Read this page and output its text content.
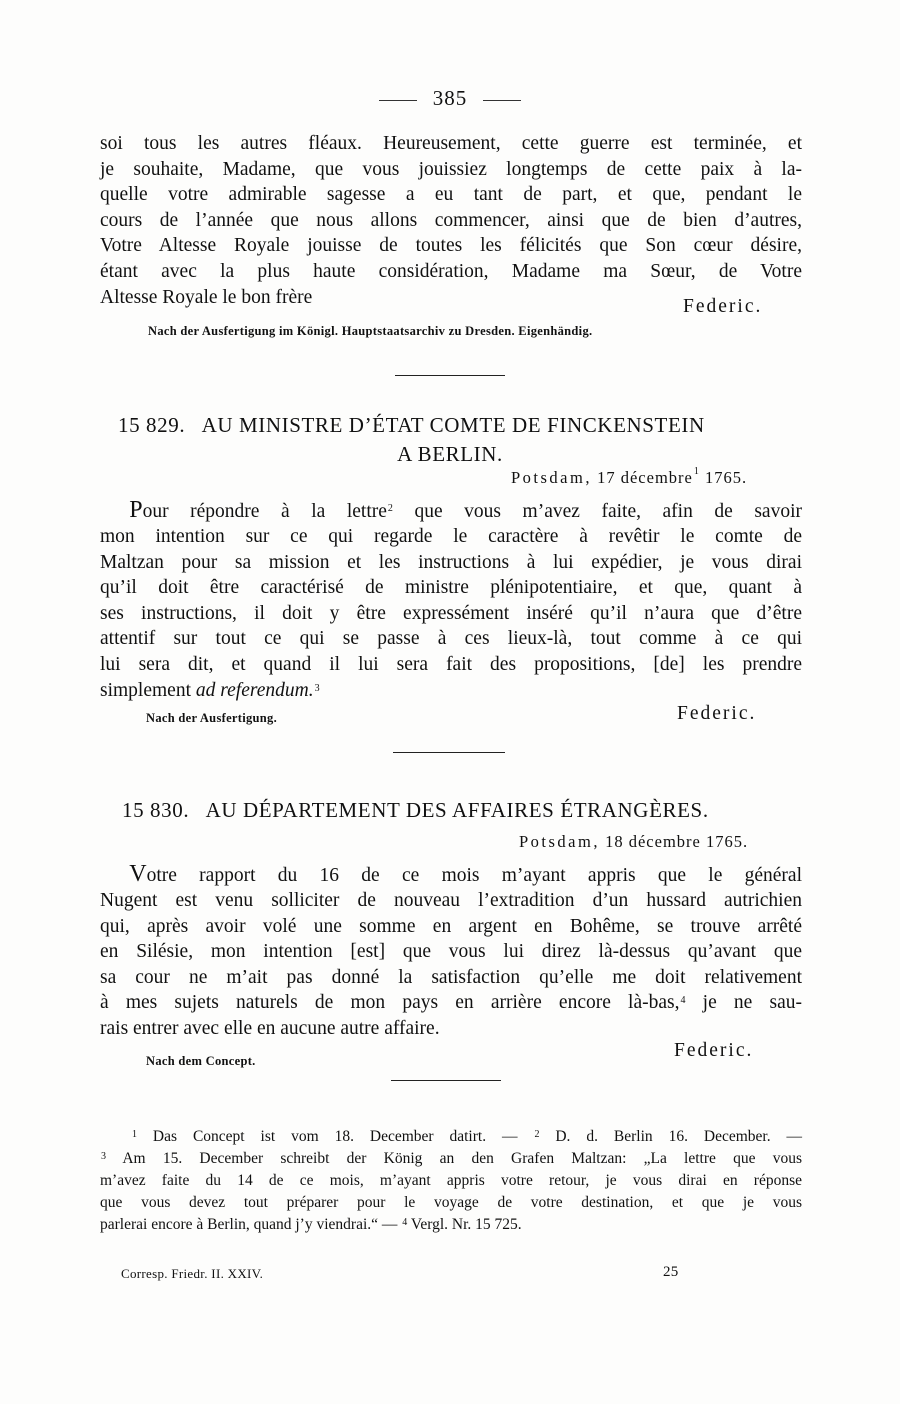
385
soi tous les autres fléaux. Heureusement, cette guerre est terminée, et
je souhaite, Madame, que vous jouissiez longtemps de cette paix à la-
quelle votre admirable sagesse a eu tant de part, et que, pendant le
cours de l’année que nous allons commencer, ainsi que de bien d’autres,
Votre Altesse Royale jouisse de toutes les félicités que Son cœur désire,
étant avec la plus haute considération, Madame ma Sœur, de Votre
Altesse Royale le bon frère	Federic.
Nach der Ausfertigung im Königl. Hauptstaatsarchiv zu Dresden. Eigenhändig.
15 829. AU MINISTRE D’ÉTAT COMTE DE FINCKENSTEIN
A BERLIN.
Potsdam, 17 décembre$^1$ 1765.
  Pour répondre à la lettre$^2$ que vous m’avez faite, afin de savoir
mon intention sur ce qui regarde le caractère à revêtir le comte de
Maltzan pour sa mission et les instructions à lui expédier, je vous dirai
qu’il doit être caractérisé de ministre plénipotentiaire, et que, quant à
ses instructions, il doit y être expressément inséré qu’il n’aura que d’être
attentif sur tout ce qui se passe à ces lieux-là, tout comme à ce qui
lui sera dit, et quand il lui sera fait des propositions, [de] les prendre
simplement ad referendum.$^3$
Nach der Ausfertigung.	Federic.
15 830. AU DÉPARTEMENT DES AFFAIRES ÉTRANGÈRES.
Potsdam, 18 décembre 1765.
  Votre rapport du 16 de ce mois m’ayant appris que le général
Nugent est venu solliciter de nouveau l’extradition d’un hussard autrichien
qui, après avoir volé une somme en argent en Bohême, se trouve arrêté
en Silésie, mon intention [est] que vous lui direz là-dessus qu’avant que
sa cour ne m’ait pas donné la satisfaction qu’elle me doit relativement
à mes sujets naturels de mon pays en arrière encore là-bas,$^4$ je ne sau-
rais entrer avec elle en aucune autre affaire.
Nach dem Concept.	Federic.
  $^1$ Das Concept ist vom 18. December datirt. — $^2$ D. d. Berlin 16. December. —
$^3$ Am 15. December schreibt der König an den Grafen Maltzan: „La lettre que vous
m’avez faite du 14 de ce mois, m’ayant appris votre retour, je vous dirai en réponse
que vous devez tout préparer pour le voyage de votre destination, et que je vous
parlerai encore à Berlin, quand j’y viendrai.“ — $^4$ Vergl. Nr. 15 725.
Corresp. Friedr. II. XXIV.	25
